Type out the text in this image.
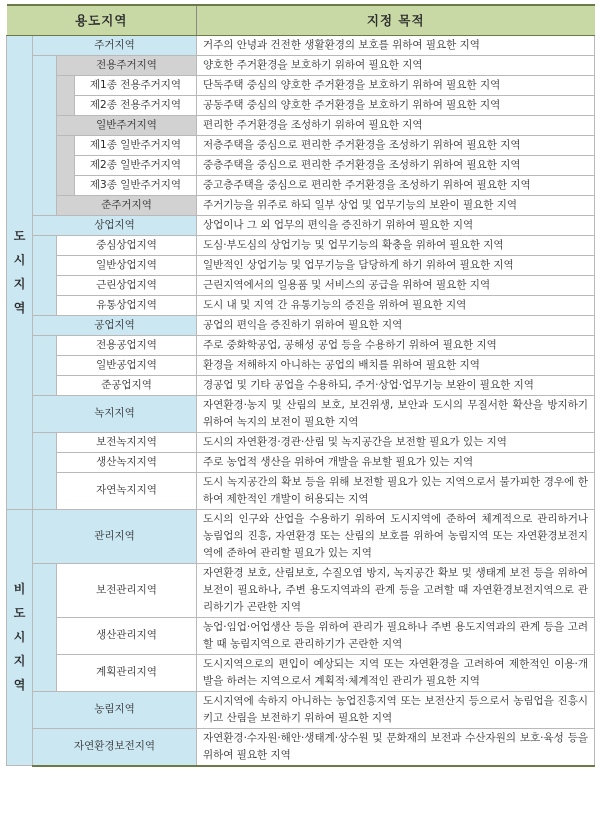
용도지역				지정 목적

도
시
지
역	주거지역			거주의 안녕과 건전한 생활환경의 보호를 위하여 필요한 지역
		전용주거지역		양호한 주거환경을 보호하기 위하여 필요한 지역
			제1종 전용주거지역	단독주택 중심의 양호한 주거환경을 보호하기 위하여 필요한 지역
			제2종 전용주거지역	공동주택 중심의 양호한 주거환경을 보호하기 위하여 필요한 지역
		일반주거지역		편리한 주거환경을 조성하기 위하여 필요한 지역
			제1종 일반주거지역	저층주택을 중심으로 편리한 주거환경을 조성하기 위하여 필요한 지역
			제2종 일반주거지역	중층주택을 중심으로 편리한 주거환경을 조성하기 위하여 필요한 지역
			제3종 일반주거지역	중고층주택을 중심으로 편리한 주거환경을 조성하기 위하여 필요한 지역
		준주거지역		주거기능을 위주로 하되 일부 상업 및 업무기능의 보완이 필요한 지역
	상업지역			상업이나 그 외 업무의 편익을 증진하기 위하여 필요한 지역
		중심상업지역		도심·부도심의 상업기능 및 업무기능의 확충을 위하여 필요한 지역
		일반상업지역		일반적인 상업기능 및 업무기능을 담당하게 하기 위하여 필요한 지역
		근린상업지역		근린지역에서의 일용품 및 서비스의 공급을 위하여 필요한 지역
		유통상업지역		도시 내 및 지역 간 유통기능의 증진을 위하여 필요한 지역
	공업지역			공업의 편익을 증진하기 위하여 필요한 지역
		전용공업지역		주로 중화학공업, 공해성 공업 등을 수용하기 위하여 필요한 지역
		일반공업지역		환경을 저해하지 아니하는 공업의 배치를 위하여 필요한 지역
		준공업지역		경공업 및 기타 공업을 수용하되, 주거·상업·업무기능 보완이 필요한 지역
	녹지지역			자연환경·농지 및 산림의 보호, 보건위생, 보안과 도시의 무질서한 확산을 방지하기 위하여 녹지의 보전이 필요한 지역
		보전녹지지역		도시의 자연환경·경관·산림 및 녹지공간을 보전할 필요가 있는 지역
		생산녹지지역		주로 농업적 생산을 위하여 개발을 유보할 필요가 있는 지역
		자연녹지지역		도시 녹지공간의 확보 등을 위해 보전할 필요가 있는 지역으로서 불가피한 경우에 한하여 제한적인 개발이 허용되는 지역

비
도
시
지
역	관리지역			도시의 인구와 산업을 수용하기 위하여 도시지역에 준하여 체계적으로 관리하거나 농림업의 진흥, 자연환경 또는 산림의 보호를 위하여 농림지역 또는 자연환경보전지역에 준하여 관리할 필요가 있는 지역
		보전관리지역		자연환경 보호, 산림보호, 수질오염 방지, 녹지공간 확보 및 생태계 보전 등을 위하여 보전이 필요하나, 주변 용도지역과의 관계 등을 고려할 때 자연환경보전지역으로 관리하기가 곤란한 지역
		생산관리지역		농업·임업·어업생산 등을 위하여 관리가 필요하나 주변 용도지역과의 관계 등을 고려할 때 농림지역으로 관리하기가 곤란한 지역
		계획관리지역		도시지역으로의 편입이 예상되는 지역 또는 자연환경을 고려하여 제한적인 이용·개발을 하려는 지역으로서 계획적·체계적인 관리가 필요한 지역
	농림지역			도시지역에 속하지 아니하는 농업진흥지역 또는 보전산지 등으로서 농림업을 진흥시키고 산림을 보전하기 위하여 필요한 지역
	자연환경보전지역			자연환경·수자원·해안·생태계·상수원 및 문화재의 보전과 수산자원의 보호·육성 등을 위하여 필요한 지역
